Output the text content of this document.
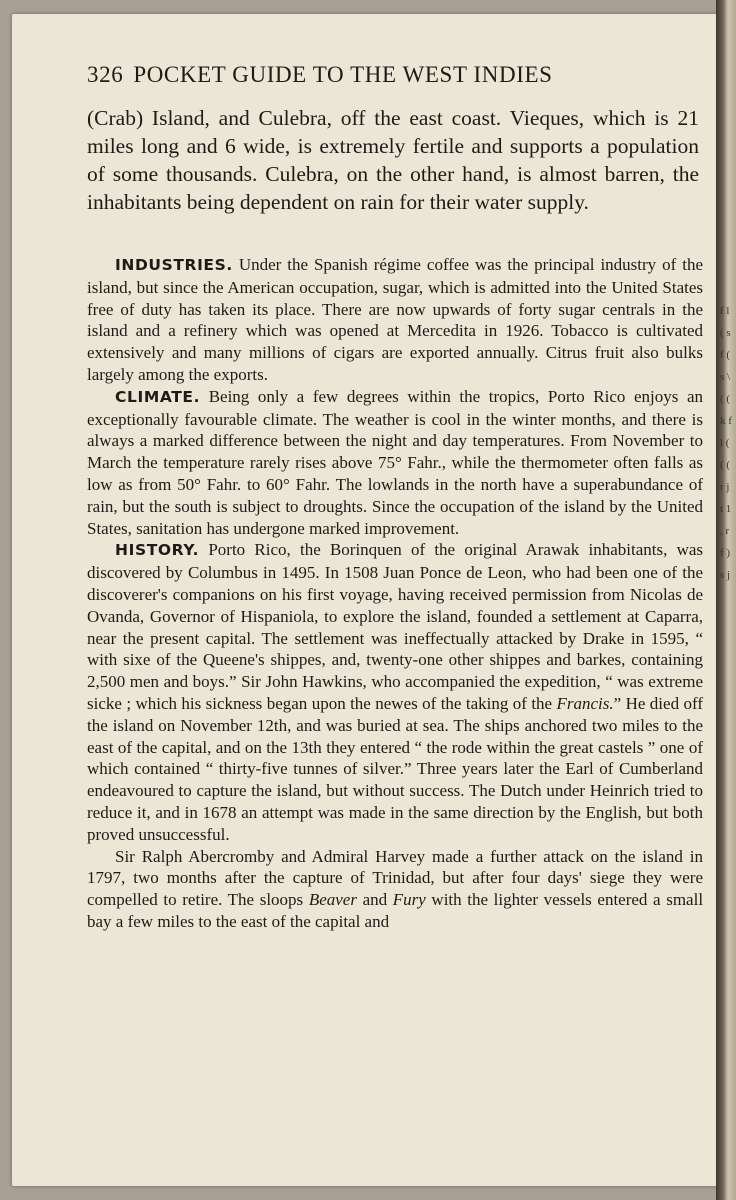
f l ( s f ( s \ ( ( k f l ( ( ( r j t 1 , r f ) s j
326 POCKET GUIDE TO THE WEST INDIES
(Crab) Island, and Culebra, off the east coast. Vieques, which is 21 miles long and 6 wide, is extremely fertile and supports a population of some thousands. Culebra, on the other hand, is almost barren, the inhabitants being dependent on rain for their water supply.

INDUSTRIES. Under the Spanish régime coffee was the principal industry of the island, but since the American occupation, sugar, which is admitted into the United States free of duty has taken its place. There are now upwards of forty sugar centrals in the island and a refinery which was opened at Mercedita in 1926. Tobacco is cultivated extensively and many millions of cigars are exported annually. Citrus fruit also bulks largely among the exports.

CLIMATE. Being only a few degrees within the tropics, Porto Rico enjoys an exceptionally favourable climate. The weather is cool in the winter months, and there is always a marked difference between the night and day temperatures. From November to March the temperature rarely rises above 75° Fahr., while the thermometer often falls as low as from 50° Fahr. to 60° Fahr. The lowlands in the north have a superabundance of rain, but the south is subject to droughts. Since the occupation of the island by the United States, sanitation has undergone marked improvement.

HISTORY. Porto Rico, the Borinquen of the original Arawak inhabitants, was discovered by Columbus in 1495. In 1508 Juan Ponce de Leon, who had been one of the discoverer's companions on his first voyage, having received permission from Nicolas de Ovanda, Governor of Hispaniola, to explore the island, founded a settlement at Caparra, near the present capital. The settlement was ineffectually attacked by Drake in 1595, “ with sixe of the Queene's shippes, and, twenty-one other shippes and barkes, containing 2,500 men and boys.” Sir John Hawkins, who accompanied the expedition, “ was extreme sicke ; which his sickness began upon the newes of the taking of the Francis.” He died off the island on November 12th, and was buried at sea. The ships anchored two miles to the east of the capital, and on the 13th they entered “ the rode within the great castels ” one of which contained “ thirty-five tunnes of silver.” Three years later the Earl of Cumberland endeavoured to capture the island, but without success. The Dutch under Heinrich tried to reduce it, and in 1678 an attempt was made in the same direction by the English, but both proved unsuccessful.

Sir Ralph Abercromby and Admiral Harvey made a further attack on the island in 1797, two months after the capture of Trinidad, but after four days' siege they were compelled to retire. The sloops Beaver and Fury with the lighter vessels entered a small bay a few miles to the east of the capital and
